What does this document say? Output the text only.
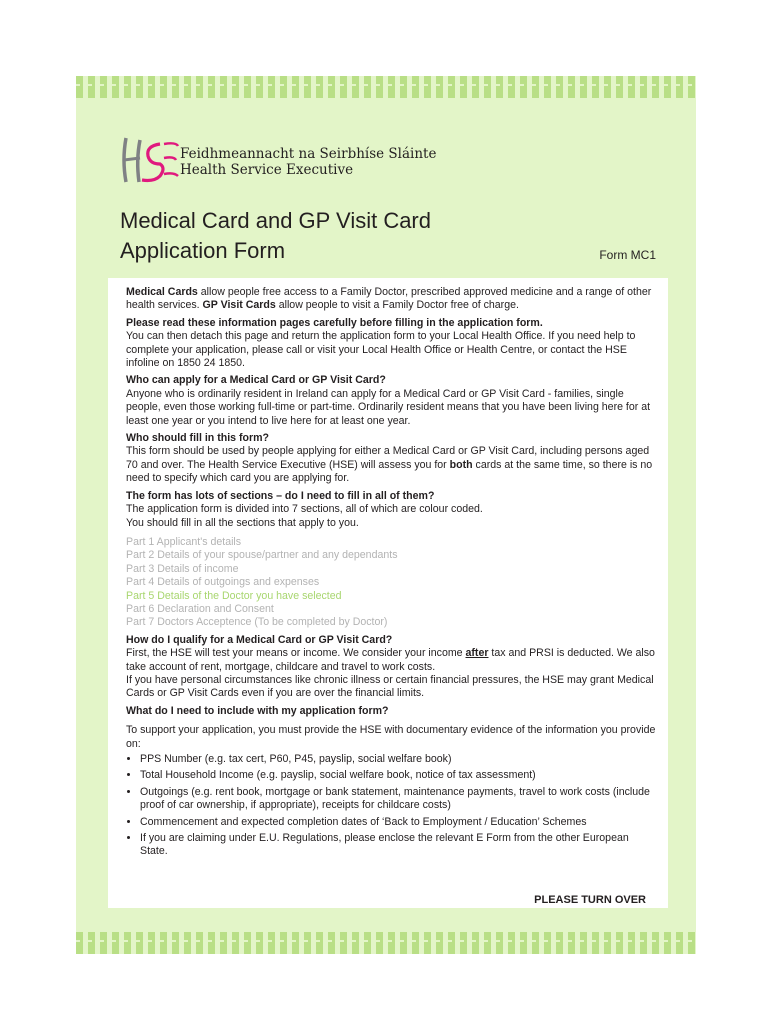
Feidhmeannacht na Seirbhíse Sláinte
Health Service Executive
Medical Card and GP Visit Card
Application Form	Form MC1

Medical Cards allow people free access to a Family Doctor, prescribed approved medicine and a range of other health services. GP Visit Cards allow people to visit a Family Doctor free of charge.

Please read these information pages carefully before filling in the application form.
You can then detach this page and return the application form to your Local Health Office. If you need help to complete your application, please call or visit your Local Health Office or Health Centre, or contact the HSE infoline on 1850 24 1850.

Who can apply for a Medical Card or GP Visit Card?
Anyone who is ordinarily resident in Ireland can apply for a Medical Card or GP Visit Card - families, single people, even those working full-time or part-time. Ordinarily resident means that you have been living here for at least one year or you intend to live here for at least one year.

Who should fill in this form?
This form should be used by people applying for either a Medical Card or GP Visit Card, including persons aged 70 and over. The Health Service Executive (HSE) will assess you for both cards at the same time, so there is no need to specify which card you are applying for.

The form has lots of sections – do I need to fill in all of them?
The application form is divided into 7 sections, all of which are colour coded.
You should fill in all the sections that apply to you.

Part 1 Applicant's details
Part 2 Details of your spouse/partner and any dependants
Part 3 Details of income
Part 4 Details of outgoings and expenses
Part 5 Details of the Doctor you have selected
Part 6 Declaration and Consent
Part 7 Doctors Acceptence (To be completed by Doctor)

How do I qualify for a Medical Card or GP Visit Card?
First, the HSE will test your means or income. We consider your income after tax and PRSI is deducted. We also take account of rent, mortgage, childcare and travel to work costs.
If you have personal circumstances like chronic illness or certain financial pressures, the HSE may grant Medical Cards or GP Visit Cards even if you are over the financial limits.

What do I need to include with my application form?

To support your application, you must provide the HSE with documentary evidence of the information you provide on:

• PPS Number (e.g. tax cert, P60, P45, payslip, social welfare book)
• Total Household Income (e.g. payslip, social welfare book, notice of tax assessment)
• Outgoings (e.g. rent book, mortgage or bank statement, maintenance payments, travel to work costs (include proof of car ownership, if appropriate), receipts for childcare costs)
• Commencement and expected completion dates of ‘Back to Employment / Education’ Schemes
• If you are claiming under E.U. Regulations, please enclose the relevant E Form from the other European State.
PLEASE TURN OVER
